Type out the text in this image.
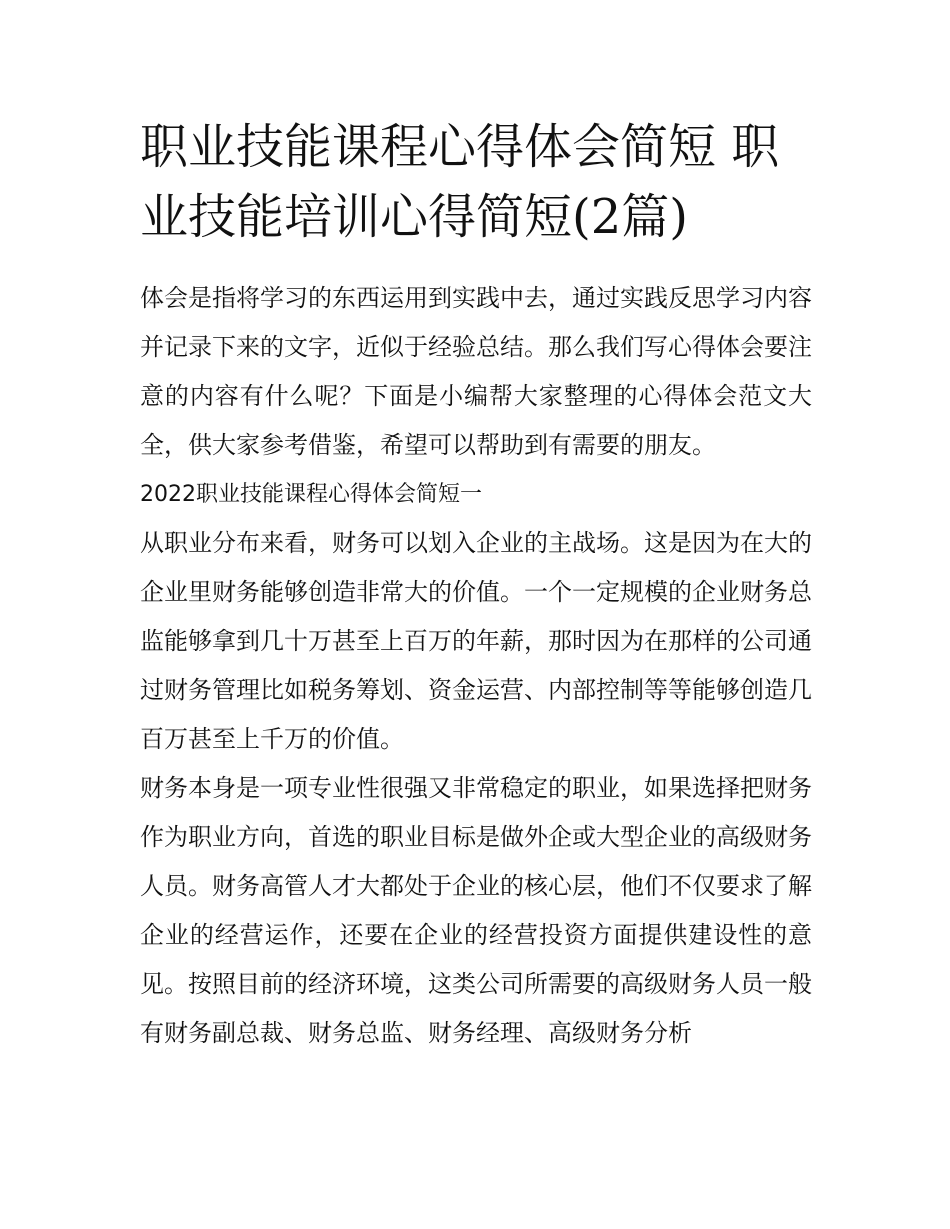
职业技能课程心得体会简短 职业技能培训心得简短(2篇)

体会是指将学习的东西运用到实践中去，通过实践反思学习内容并记录下来的文字，近似于经验总结。那么我们写心得体会要注意的内容有什么呢？下面是小编帮大家整理的心得体会范文大全，供大家参考借鉴，希望可以帮助到有需要的朋友。

2022职业技能课程心得体会简短一

从职业分布来看，财务可以划入企业的主战场。这是因为在大的企业里财务能够创造非常大的价值。一个一定规模的企业财务总监能够拿到几十万甚至上百万的年薪，那时因为在那样的公司通过财务管理比如税务筹划、资金运营、内部控制等等能够创造几百万甚至上千万的价值。

财务本身是一项专业性很强又非常稳定的职业，如果选择把财务作为职业方向，首选的职业目标是做外企或大型企业的高级财务人员。财务高管人才大都处于企业的核心层，他们不仅要求了解企业的经营运作，还要在企业的经营投资方面提供建设性的意见。按照目前的经济环境，这类公司所需要的高级财务人员一般有财务副总裁、财务总监、财务经理、高级财务分析
